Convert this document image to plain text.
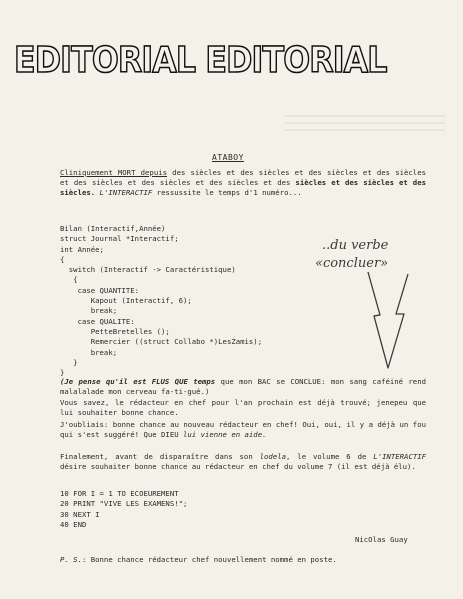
EDITORIAL EDITORIAL
ATABOY
Cliniquement MORT depuis des siècles et des siècles et des siècles et des siècles et des siècles et des siècles et des siècles et des siècles et des siècles et des siècles. L'INTERACTIF ressussite le temps d'1 numéro...
Bilan (Interactif,Année)
struct Journal *Interactif;
int Année;
{
switch (Interactif -> Caractéristique)
{
case QUANTITE:
Kapout (Interactif, 6);
break;
case QUALITE:
PetteBretelles ();
Remercier ((struct Collabo *)LesZamis);
break;
}
}
..du verbe
«concluer»
(Je pense qu'il est FLUS QUE temps que mon BAC se CONCLUE: mon sang caféiné rend malalalade mon cerveau fa-ti-gué.)
Vous savez, le rédacteur en chef pour l'an prochain est déjà trouvé; jenepeu que lui souhaiter bonne chance.
J'oubliais: bonne chance au nouveau rédacteur en chef! Oui, oui, il y a déjà un fou qui s'est suggéré! Que DIEU lui vienne en aide.
Finalement, avant de disparaître dans son lodela, le volume 6 de L'INTERACTIF désire souhaiter bonne chance au rédacteur en chef du volume 7 (il est déjà élu).
10 FOR I = 1 TO ECOEUREMENT
20 PRINT "VIVE LES EXAMENS!";
30 NEXT I
40 END
NicOlas Guay
P. S.: Bonne chance rédacteur chef nouvellement nommé en poste.
